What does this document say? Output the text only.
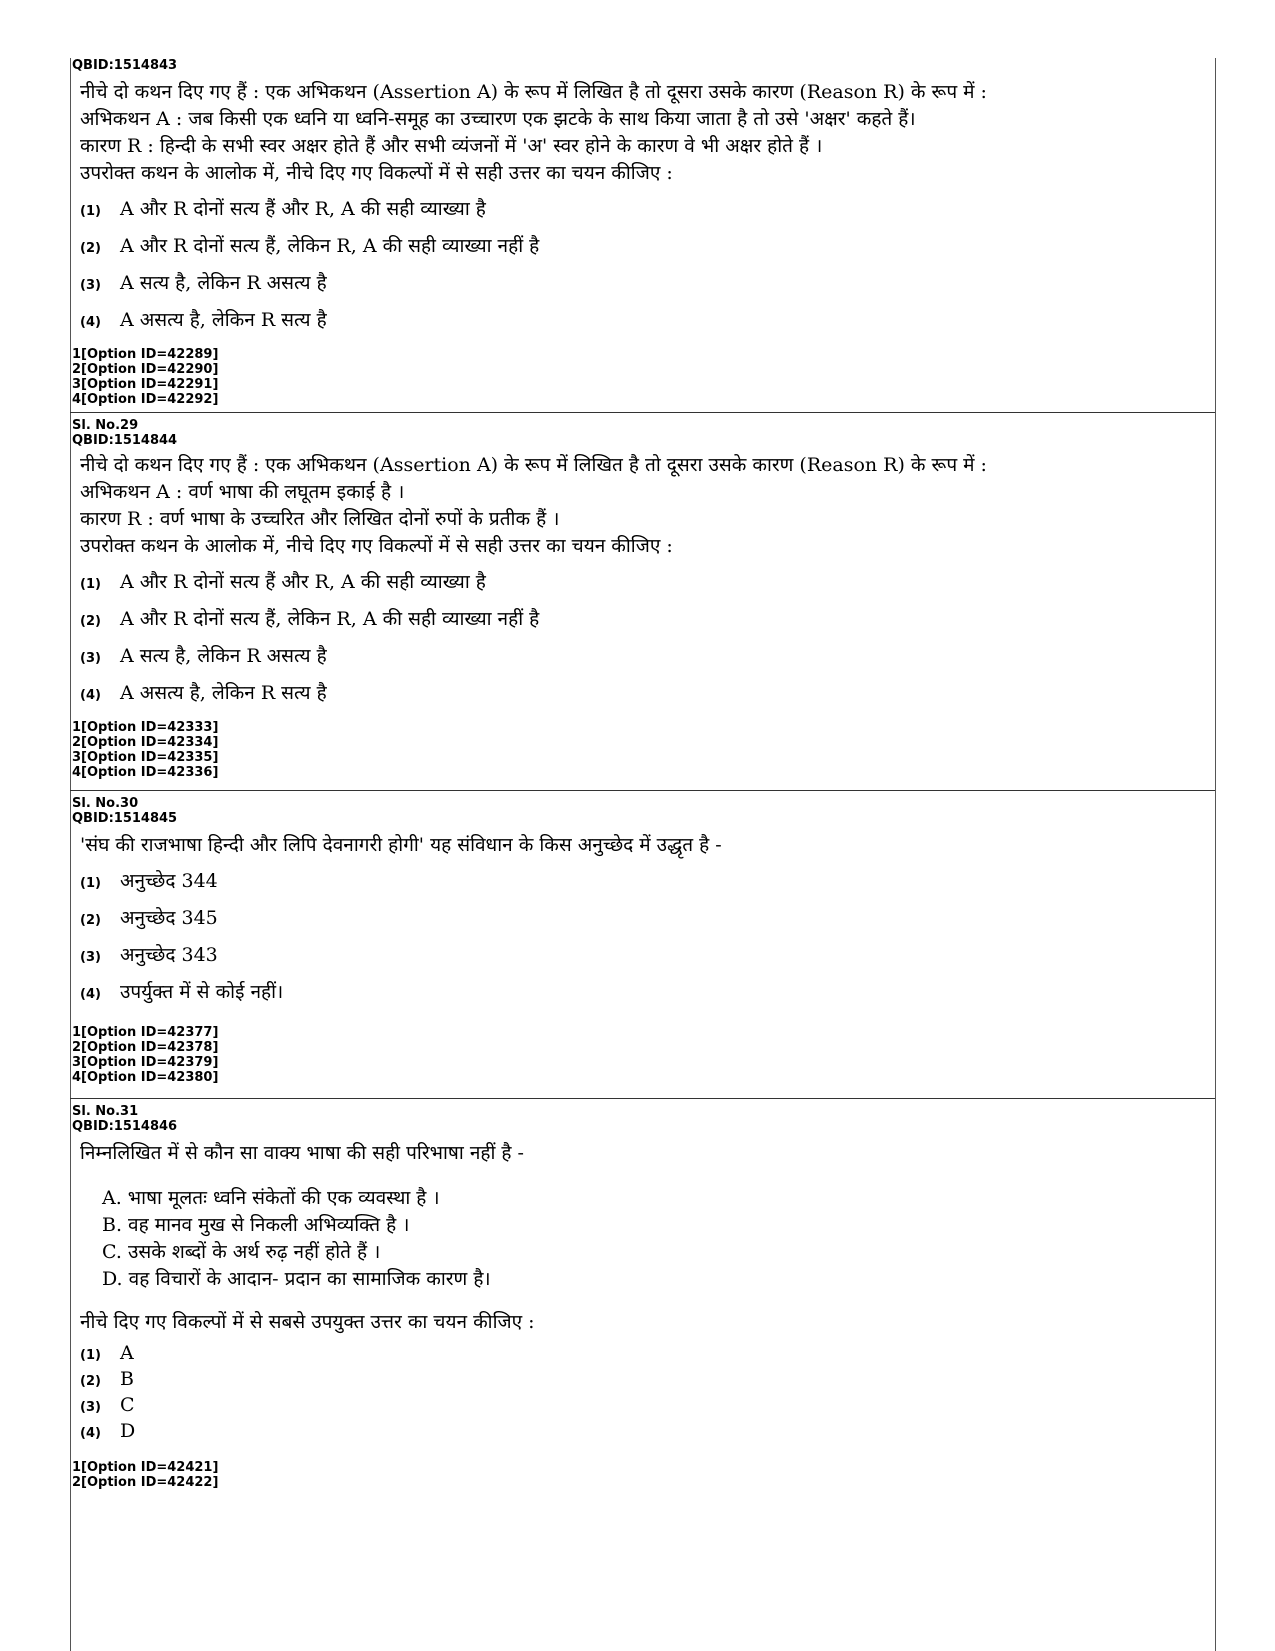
QBID:1514843

नीचे दो कथन दिए गए हैं : एक अभिकथन (Assertion A) के रूप में लिखित है तो दूसरा उसके कारण (Reason R) के रूप में :

अभिकथन A : जब किसी एक ध्वनि या ध्वनि-समूह का उच्चारण एक झटके के साथ किया जाता है तो उसे 'अक्षर' कहते हैं।

कारण R : हिन्दी के सभी स्वर अक्षर होते हैं और सभी व्यंजनों में 'अ' स्वर होने के कारण वे भी अक्षर होते हैं ।

उपरोक्त कथन के आलोक में, नीचे दिए गए विकल्पों में से सही उत्तर का चयन कीजिए :

(1)	A और R दोनों सत्य हैं और R, A की सही व्याख्या है
(2)	A और R दोनों सत्य हैं, लेकिन R, A की सही व्याख्या नहीं है
(3)	A सत्य है, लेकिन R असत्य है
(4)	A असत्य है, लेकिन R सत्य है

1[Option ID=42289]

2[Option ID=42290]

3[Option ID=42291]

4[Option ID=42292]

Sl. No.29

QBID:1514844

नीचे दो कथन दिए गए हैं : एक अभिकथन (Assertion A) के रूप में लिखित है तो दूसरा उसके कारण (Reason R) के रूप में :

अभिकथन A : वर्ण भाषा की लघूतम इकाई है ।

कारण R : वर्ण भाषा के उच्चरित और लिखित दोनों रुपों के प्रतीक हैं ।

उपरोक्त कथन के आलोक में, नीचे दिए गए विकल्पों में से सही उत्तर का चयन कीजिए :

(1)	A और R दोनों सत्य हैं और R, A की सही व्याख्या है
(2)	A और R दोनों सत्य हैं, लेकिन R, A की सही व्याख्या नहीं है
(3)	A सत्य है, लेकिन R असत्य है
(4)	A असत्य है, लेकिन R सत्य है

1[Option ID=42333]

2[Option ID=42334]

3[Option ID=42335]

4[Option ID=42336]

Sl. No.30

QBID:1514845

'संघ की राजभाषा हिन्दी और लिपि देवनागरी होगी' यह संविधान के किस अनुच्छेद में उद्धृत है -

(1)	अनुच्छेद 344
(2)	अनुच्छेद 345
(3)	अनुच्छेद 343
(4)	उपर्युक्त में से कोई नहीं।

1[Option ID=42377]

2[Option ID=42378]

3[Option ID=42379]

4[Option ID=42380]

Sl. No.31

QBID:1514846

निम्नलिखित में से कौन सा वाक्य भाषा की सही परिभाषा नहीं है -

A. भाषा मूलतः ध्वनि संकेतों की एक व्यवस्था है ।

B. वह मानव मुख से निकली अभिव्यक्ति है ।

C. उसके शब्दों के अर्थ रुढ़ नहीं होते हैं ।

D. वह विचारों के आदान- प्रदान का सामाजिक कारण है।

नीचे दिए गए विकल्पों में से सबसे उपयुक्त उत्तर का चयन कीजिए :

(1)	A
(2)	B
(3)	C
(4)	D

1[Option ID=42421]

2[Option ID=42422]
